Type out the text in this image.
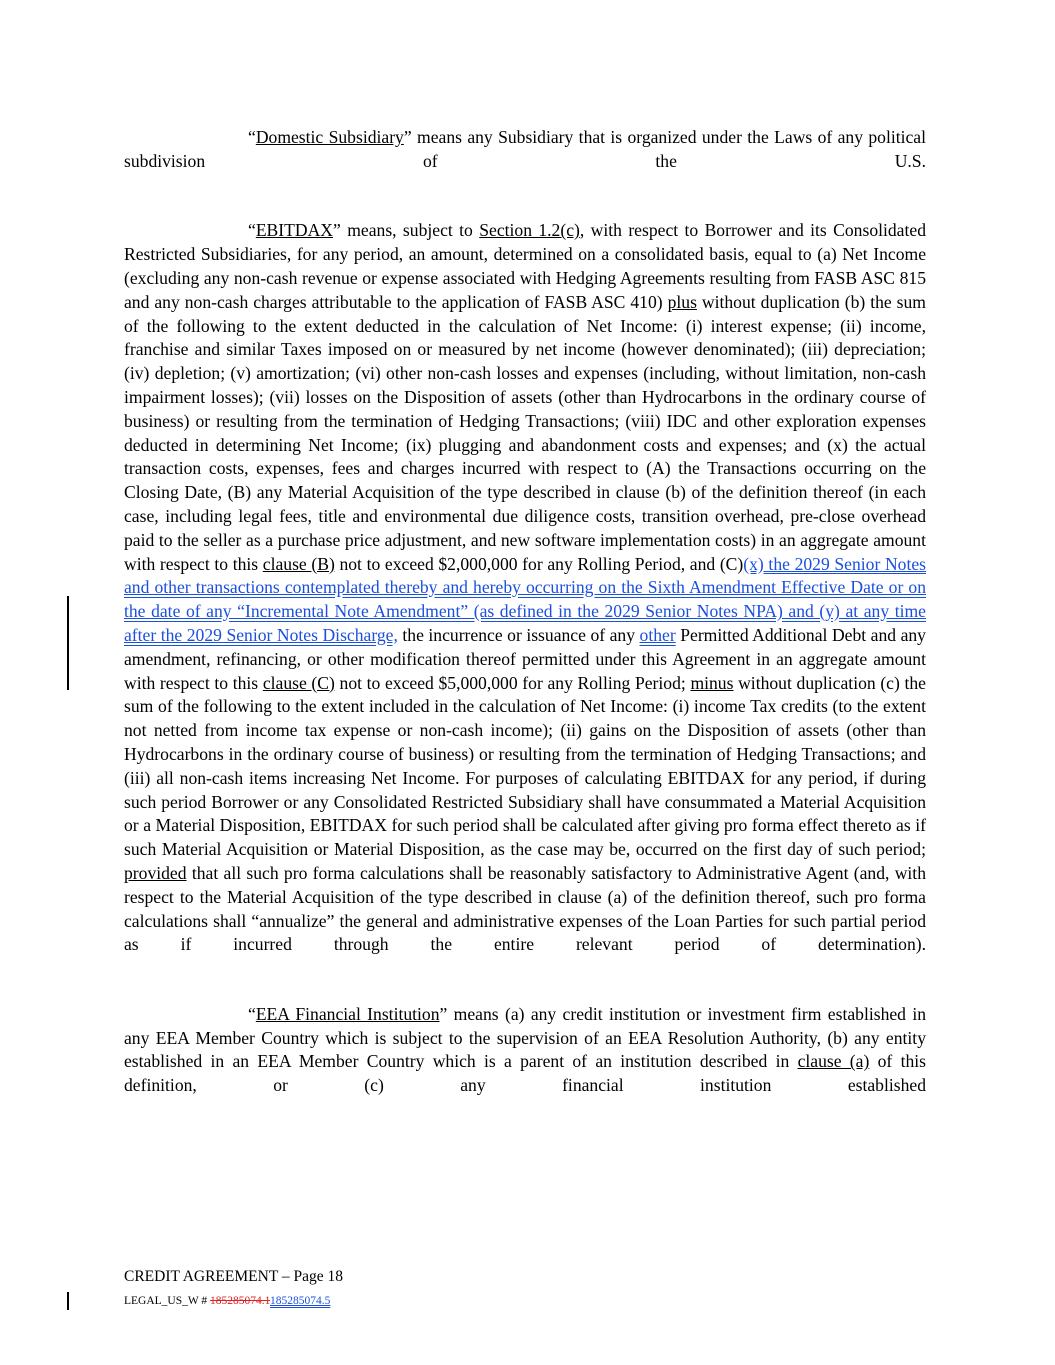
“Domestic Subsidiary” means any Subsidiary that is organized under the Laws of any political subdivision of the U.S.

“EBITDAX” means, subject to Section 1.2(c), with respect to Borrower and its Consolidated Restricted Subsidiaries, for any period, an amount, determined on a consolidated basis, equal to (a) Net Income (excluding any non-cash revenue or expense associated with Hedging Agreements resulting from FASB ASC 815 and any non-cash charges attributable to the application of FASB ASC 410) plus without duplication (b) the sum of the following to the extent deducted in the calculation of Net Income: (i) interest expense; (ii) income, franchise and similar Taxes imposed on or measured by net income (however denominated); (iii) depreciation; (iv) depletion; (v) amortization; (vi) other non-cash losses and expenses (including, without limitation, non-cash impairment losses); (vii) losses on the Disposition of assets (other than Hydrocarbons in the ordinary course of business) or resulting from the termination of Hedging Transactions; (viii) IDC and other exploration expenses deducted in determining Net Income; (ix) plugging and abandonment costs and expenses; and (x) the actual transaction costs, expenses, fees and charges incurred with respect to (A) the Transactions occurring on the Closing Date, (B) any Material Acquisition of the type described in clause (b) of the definition thereof (in each case, including legal fees, title and environmental due diligence costs, transition overhead, pre-close overhead paid to the seller as a purchase price adjustment, and new software implementation costs) in an aggregate amount with respect to this clause (B) not to exceed $2,000,000 for any Rolling Period, and (C)(x) the 2029 Senior Notes and other transactions contemplated thereby and hereby occurring on the Sixth Amendment Effective Date or on the date of any “Incremental Note Amendment” (as defined in the 2029 Senior Notes NPA) and (y) at any time after the 2029 Senior Notes Discharge, the incurrence or issuance of any other Permitted Additional Debt and any amendment, refinancing, or other modification thereof permitted under this Agreement in an aggregate amount with respect to this clause (C) not to exceed $5,000,000 for any Rolling Period; minus without duplication (c) the sum of the following to the extent included in the calculation of Net Income: (i) income Tax credits (to the extent not netted from income tax expense or non-cash income); (ii) gains on the Disposition of assets (other than Hydrocarbons in the ordinary course of business) or resulting from the termination of Hedging Transactions; and (iii) all non-cash items increasing Net Income. For purposes of calculating EBITDAX for any period, if during such period Borrower or any Consolidated Restricted Subsidiary shall have consummated a Material Acquisition or a Material Disposition, EBITDAX for such period shall be calculated after giving pro forma effect thereto as if such Material Acquisition or Material Disposition, as the case may be, occurred on the first day of such period; provided that all such pro forma calculations shall be reasonably satisfactory to Administrative Agent (and, with respect to the Material Acquisition of the type described in clause (a) of the definition thereof, such pro forma calculations shall “annualize” the general and administrative expenses of the Loan Parties for such partial period as if incurred through the entire relevant period of determination).

“EEA Financial Institution” means (a) any credit institution or investment firm established in any EEA Member Country which is subject to the supervision of an EEA Resolution Authority, (b) any entity established in an EEA Member Country which is a parent of an institution described in clause (a) of this definition, or (c) any financial institution established

CREDIT AGREEMENT – Page 18
LEGAL_US_W # 185285074.1185285074.5
